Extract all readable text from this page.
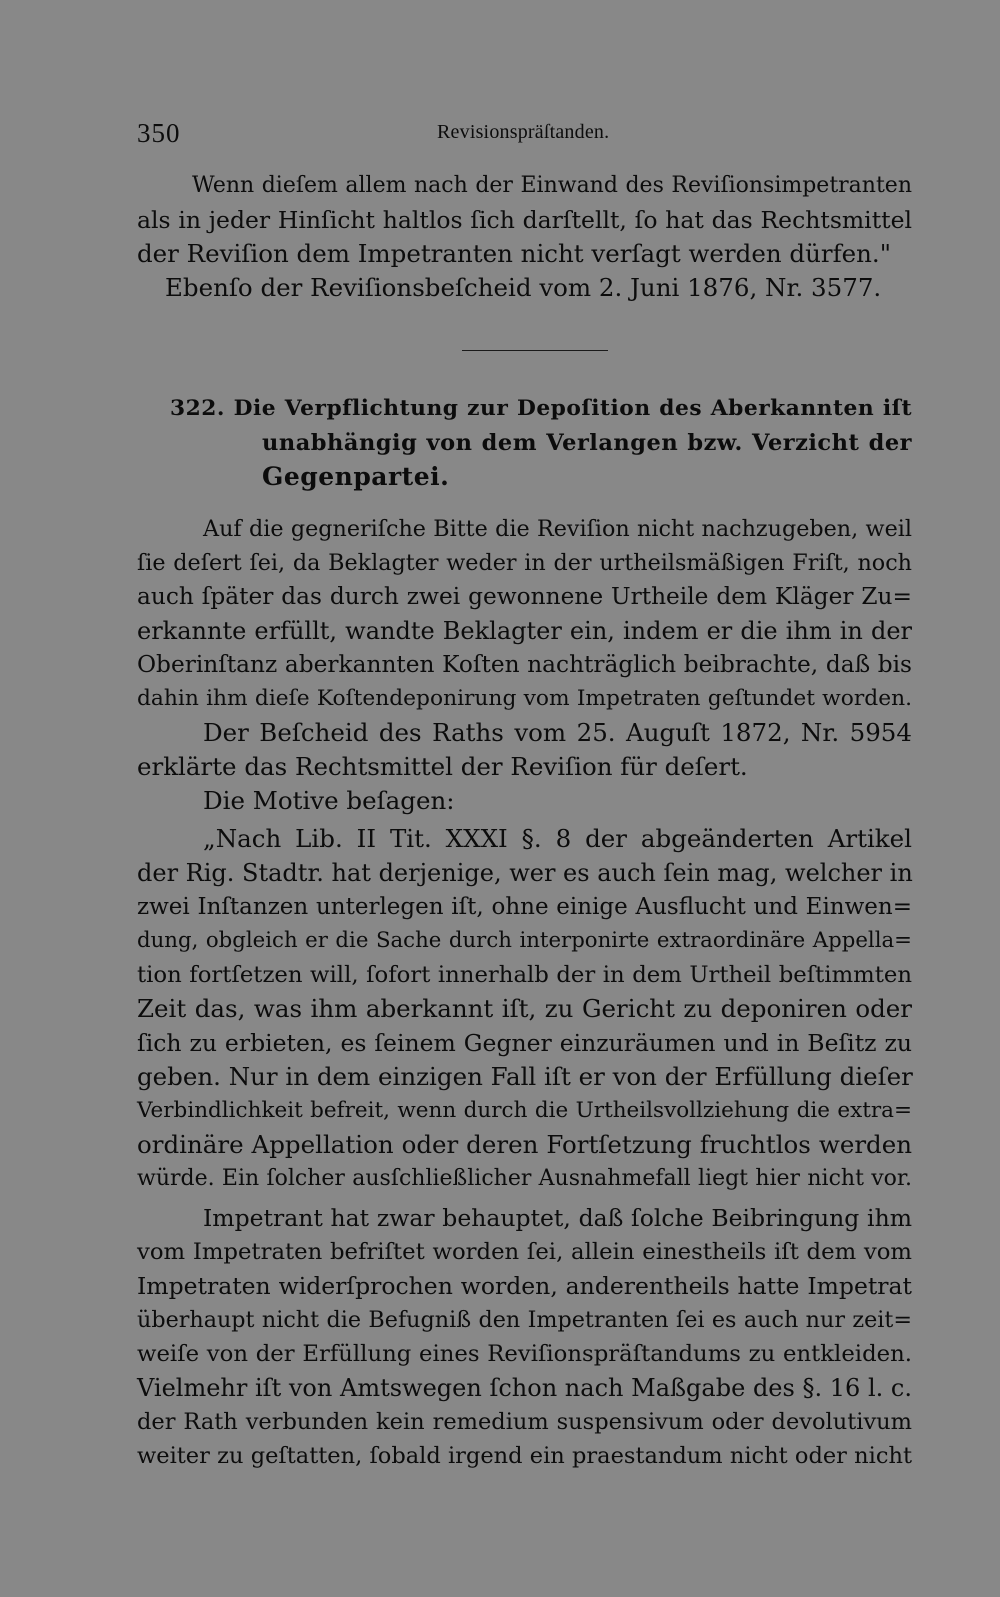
350	Revisionspräſtanden.
Wenn dieſem allem nach der Einwand des Reviſionsimpetranten
als in jeder Hinſicht haltlos ſich darſtellt, ſo hat das Rechtsmittel
der Reviſion dem Impetranten nicht verſagt werden dürfen."
Ebenſo der Reviſionsbeſcheid vom 2. Juni 1876, Nr. 3577.
322. Die Verpflichtung zur Depoſition des Aberkannten iſt
unabhängig von dem Verlangen bzw. Verzicht der
Gegenpartei.
Auf die gegneriſche Bitte die Reviſion nicht nachzugeben, weil
ſie deſert ſei, da Beklagter weder in der urtheilsmäßigen Friſt, noch
auch ſpäter das durch zwei gewonnene Urtheile dem Kläger Zu=
erkannte erfüllt, wandte Beklagter ein, indem er die ihm in der
Oberinſtanz aberkannten Koſten nachträglich beibrachte, daß bis
dahin ihm dieſe Koſtendeponirung vom Impetraten geſtundet worden.
Der Beſcheid des Raths vom 25. Auguſt 1872, Nr. 5954
erklärte das Rechtsmittel der Reviſion für deſert.
Die Motive beſagen:
„Nach Lib. II Tit. XXXI §. 8 der abgeänderten Artikel
der Rig. Stadtr. hat derjenige, wer es auch ſein mag, welcher in
zwei Inſtanzen unterlegen iſt, ohne einige Ausflucht und Einwen=
dung, obgleich er die Sache durch interponirte extraordinäre Appella=
tion fortſetzen will, ſofort innerhalb der in dem Urtheil beſtimmten
Zeit das, was ihm aberkannt iſt, zu Gericht zu deponiren oder
ſich zu erbieten, es ſeinem Gegner einzuräumen und in Beſitz zu
geben. Nur in dem einzigen Fall iſt er von der Erfüllung dieſer
Verbindlichkeit befreit, wenn durch die Urtheilsvollziehung die extra=
ordinäre Appellation oder deren Fortſetzung fruchtlos werden
würde. Ein ſolcher ausſchließlicher Ausnahmefall liegt hier nicht vor.
Impetrant hat zwar behauptet, daß ſolche Beibringung ihm
vom Impetraten befriſtet worden ſei, allein einestheils iſt dem vom
Impetraten widerſprochen worden, anderentheils hatte Impetrat
überhaupt nicht die Befugniß den Impetranten ſei es auch nur zeit=
weiſe von der Erfüllung eines Reviſionspräſtandums zu entkleiden.
Vielmehr iſt von Amtswegen ſchon nach Maßgabe des §. 16 l. c.
der Rath verbunden kein remedium suspensivum oder devolutivum
weiter zu geſtatten, ſobald irgend ein praestandum nicht oder nicht
